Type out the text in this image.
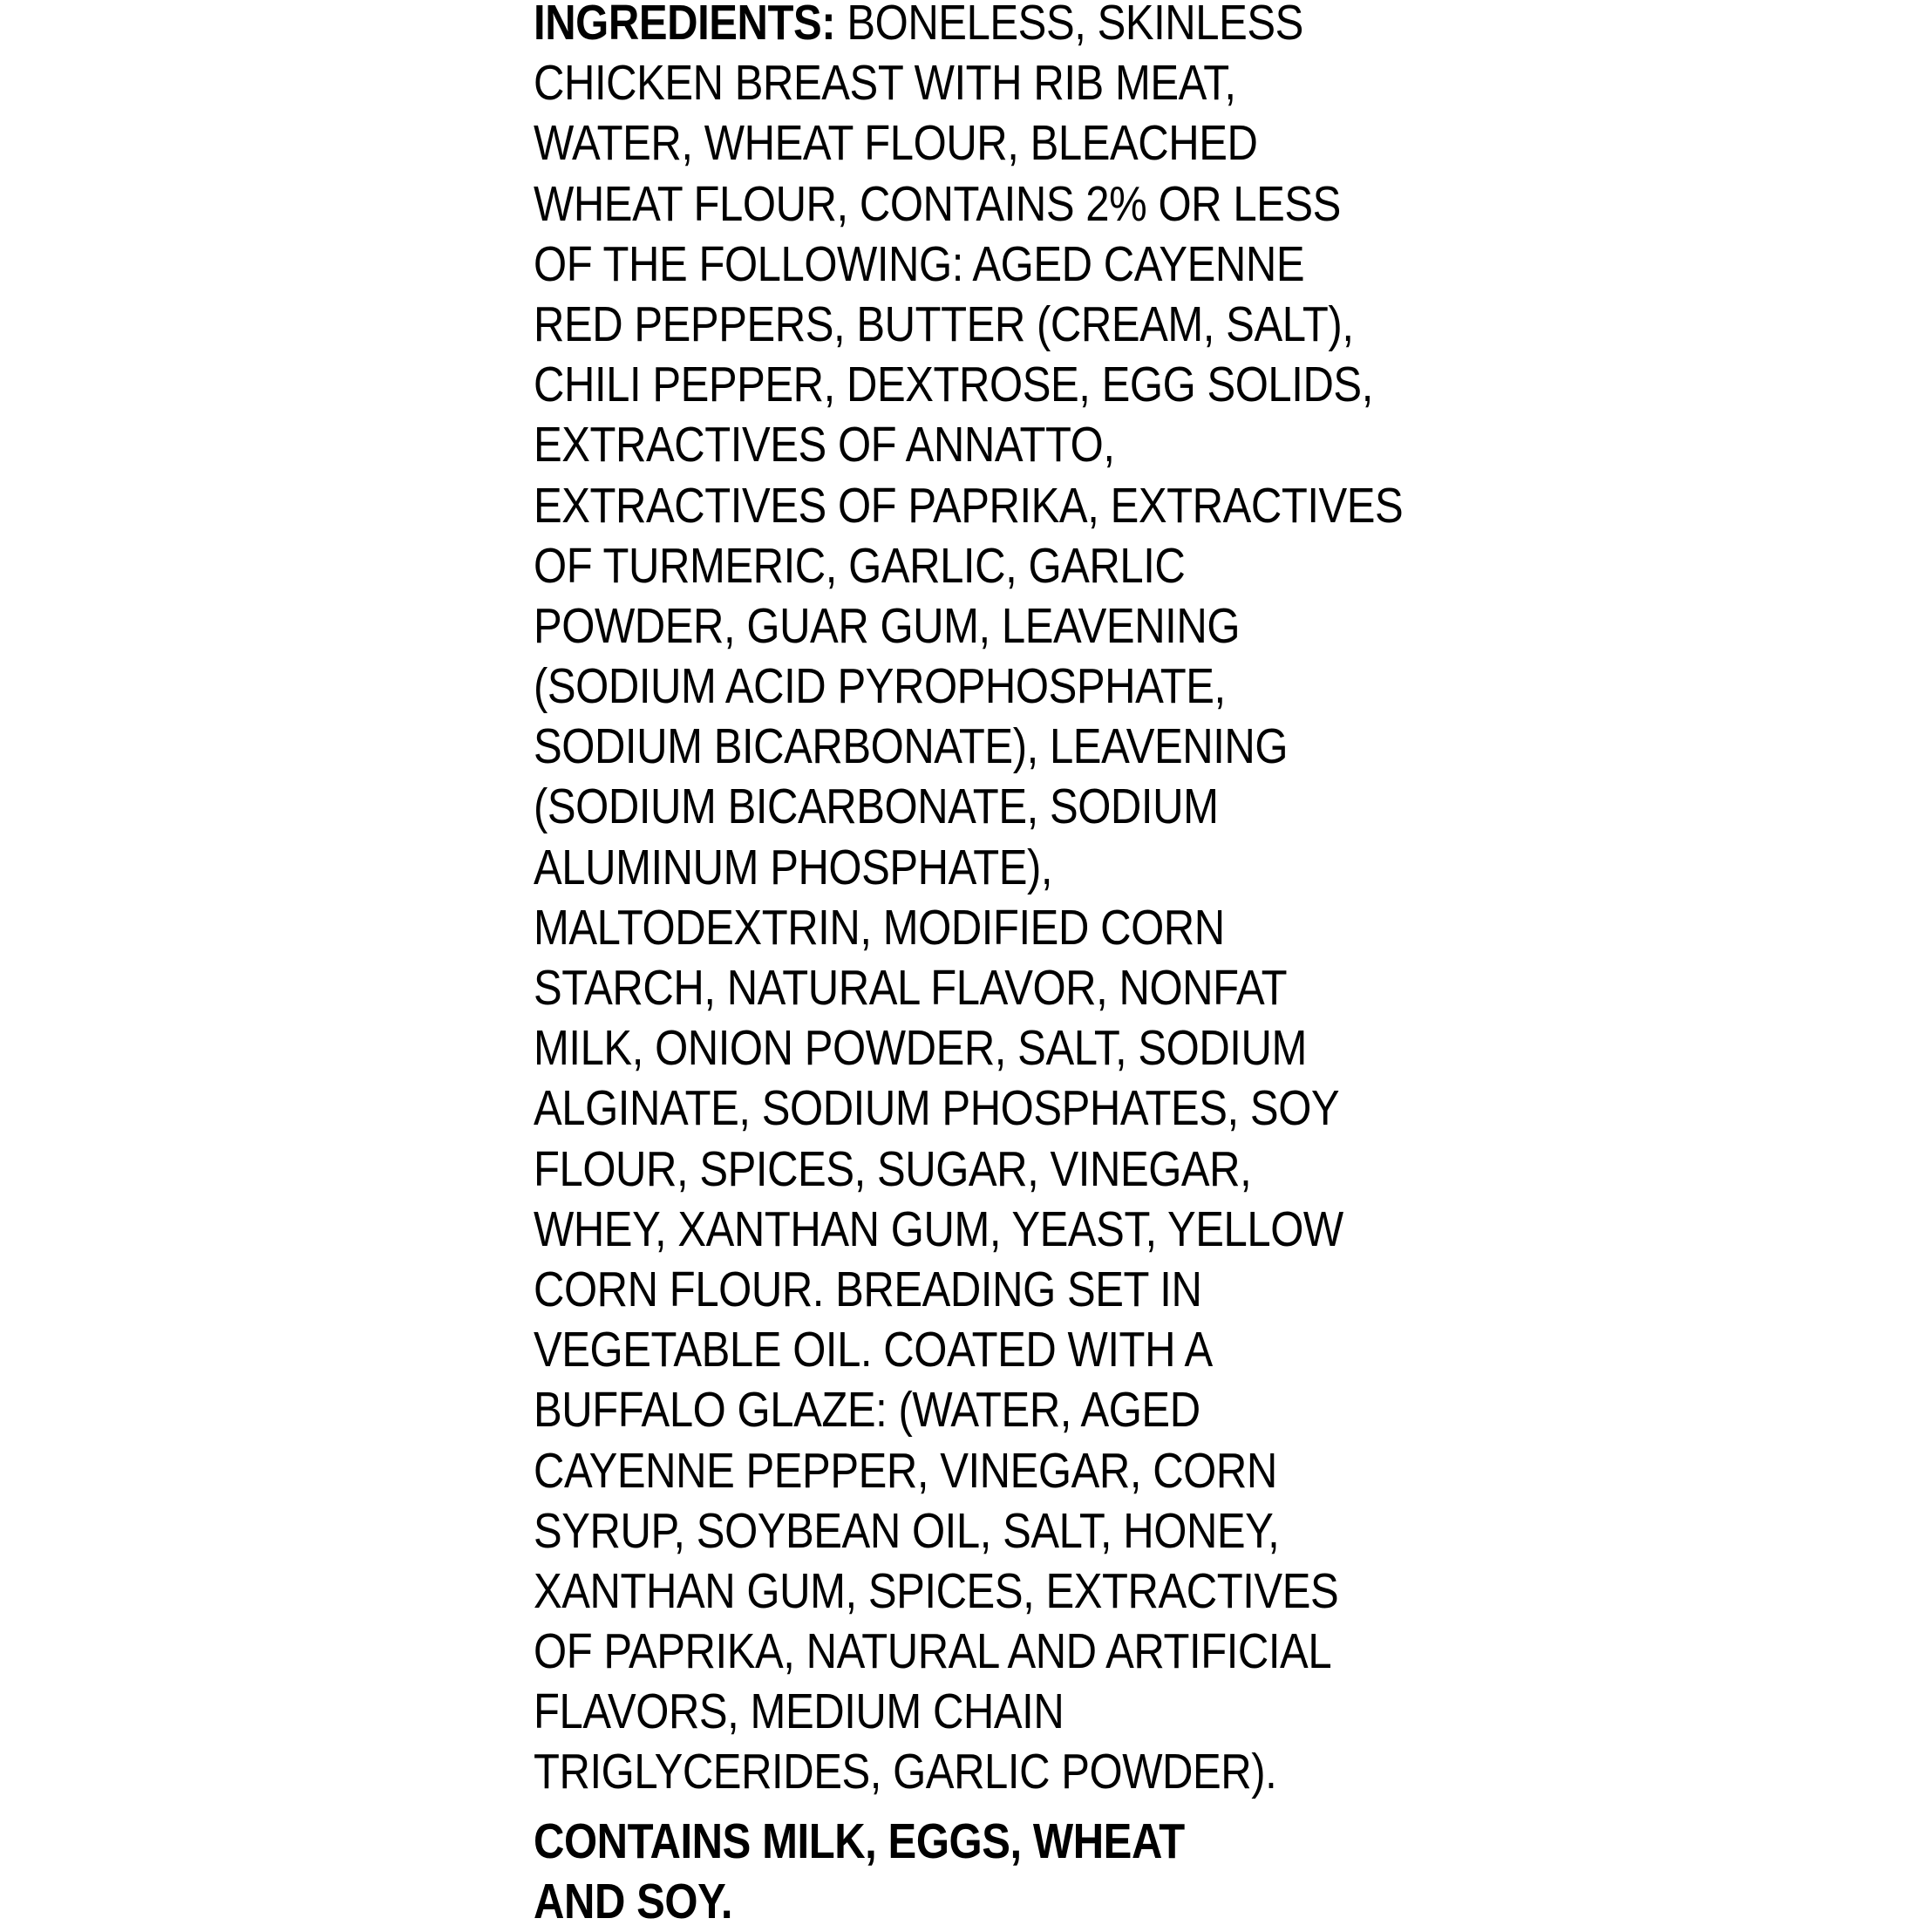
INGREDIENTS: BONELESS, SKINLESS
CHICKEN BREAST WITH RIB MEAT,
WATER, WHEAT FLOUR, BLEACHED
WHEAT FLOUR, CONTAINS 2% OR LESS
OF THE FOLLOWING: AGED CAYENNE
RED PEPPERS, BUTTER (CREAM, SALT),
CHILI PEPPER, DEXTROSE, EGG SOLIDS,
EXTRACTIVES OF ANNATTO,
EXTRACTIVES OF PAPRIKA, EXTRACTIVES
OF TURMERIC, GARLIC, GARLIC
POWDER, GUAR GUM, LEAVENING
(SODIUM ACID PYROPHOSPHATE,
SODIUM BICARBONATE), LEAVENING
(SODIUM BICARBONATE, SODIUM
ALUMINUM PHOSPHATE),
MALTODEXTRIN, MODIFIED CORN
STARCH, NATURAL FLAVOR, NONFAT
MILK, ONION POWDER, SALT, SODIUM
ALGINATE, SODIUM PHOSPHATES, SOY
FLOUR, SPICES, SUGAR, VINEGAR,
WHEY, XANTHAN GUM, YEAST, YELLOW
CORN FLOUR. BREADING SET IN
VEGETABLE OIL. COATED WITH A
BUFFALO GLAZE: (WATER, AGED
CAYENNE PEPPER, VINEGAR, CORN
SYRUP, SOYBEAN OIL, SALT, HONEY,
XANTHAN GUM, SPICES, EXTRACTIVES
OF PAPRIKA, NATURAL AND ARTIFICIAL
FLAVORS, MEDIUM CHAIN
TRIGLYCERIDES, GARLIC POWDER).
CONTAINS MILK, EGGS, WHEAT
AND SOY.
